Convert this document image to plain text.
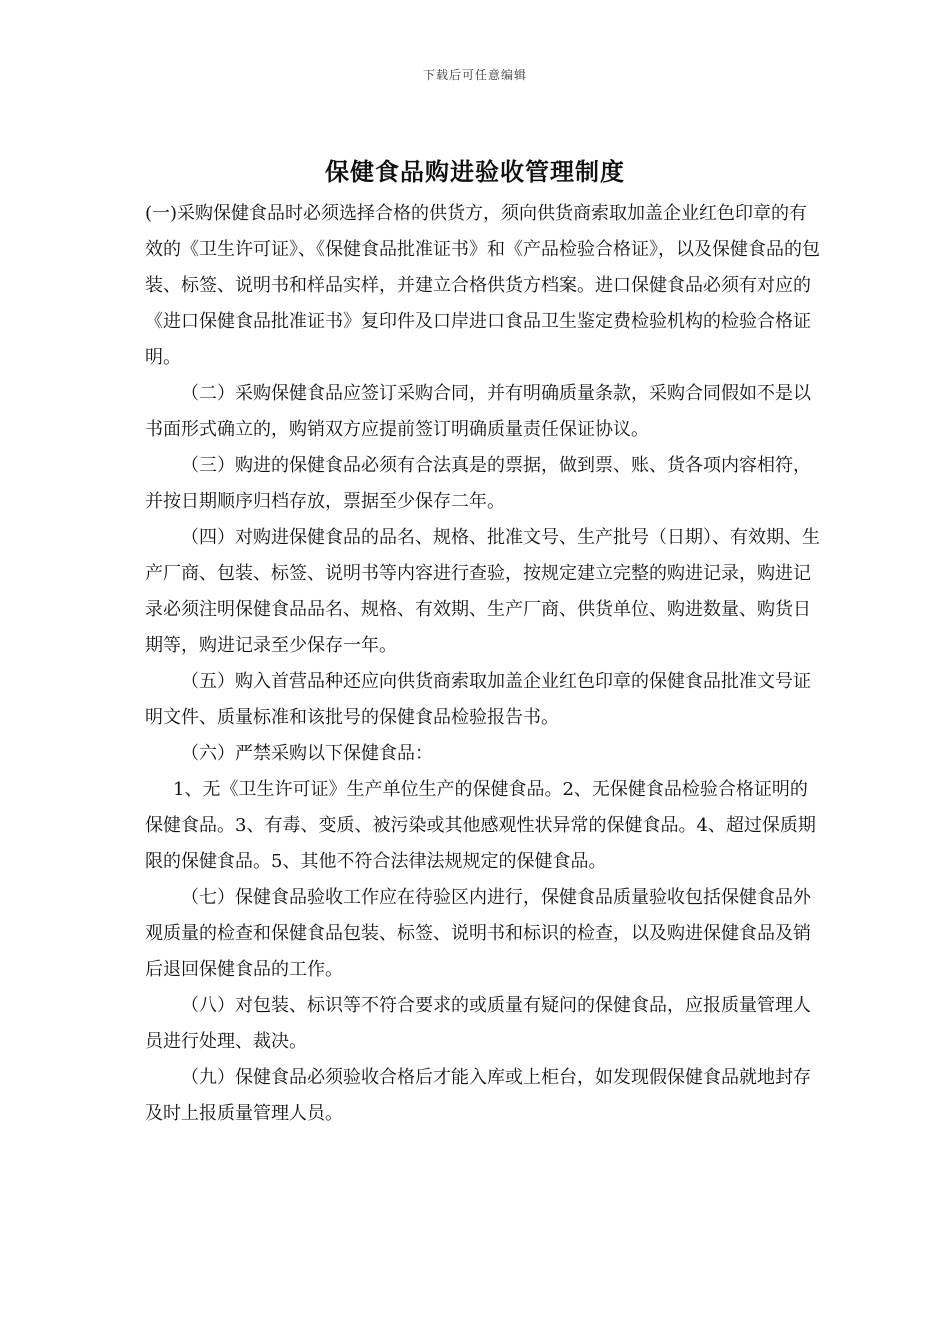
下载后可任意编辑
保健食品购进验收管理制度

(一)采购保健食品时必须选择合格的供货方，须向供货商索取加盖企业红色印章的有效的《卫生许可证》、《保健食品批准证书》和《产品检验合格证》，以及保健食品的包装、标签、说明书和样品实样，并建立合格供货方档案。进口保健食品必须有对应的《进口保健食品批准证书》复印件及口岸进口食品卫生鉴定费检验机构的检验合格证明。

（二）采购保健食品应签订采购合同，并有明确质量条款，采购合同假如不是以书面形式确立的，购销双方应提前签订明确质量责任保证协议。

（三）购进的保健食品必须有合法真是的票据，做到票、账、货各项内容相符，并按日期顺序归档存放，票据至少保存二年。

（四）对购进保健食品的品名、规格、批准文号、生产批号（日期）、有效期、生产厂商、包装、标签、说明书等内容进行查验，按规定建立完整的购进记录，购进记录必须注明保健食品品名、规格、有效期、生产厂商、供货单位、购进数量、购货日期等，购进记录至少保存一年。

（五）购入首营品种还应向供货商索取加盖企业红色印章的保健食品批准文号证明文件、质量标准和该批号的保健食品检验报告书。

（六）严禁采购以下保健食品：

1、无《卫生许可证》生产单位生产的保健食品。2、无保健食品检验合格证明的保健食品。3、有毒、变质、被污染或其他感观性状异常的保健食品。4、超过保质期限的保健食品。5、其他不符合法律法规规定的保健食品。

（七）保健食品验收工作应在待验区内进行，保健食品质量验收包括保健食品外观质量的检查和保健食品包装、标签、说明书和标识的检查，以及购进保健食品及销后退回保健食品的工作。

（八）对包装、标识等不符合要求的或质量有疑问的保健食品，应报质量管理人员进行处理、裁决。

（九）保健食品必须验收合格后才能入库或上柜台，如发现假保健食品就地封存及时上报质量管理人员。
